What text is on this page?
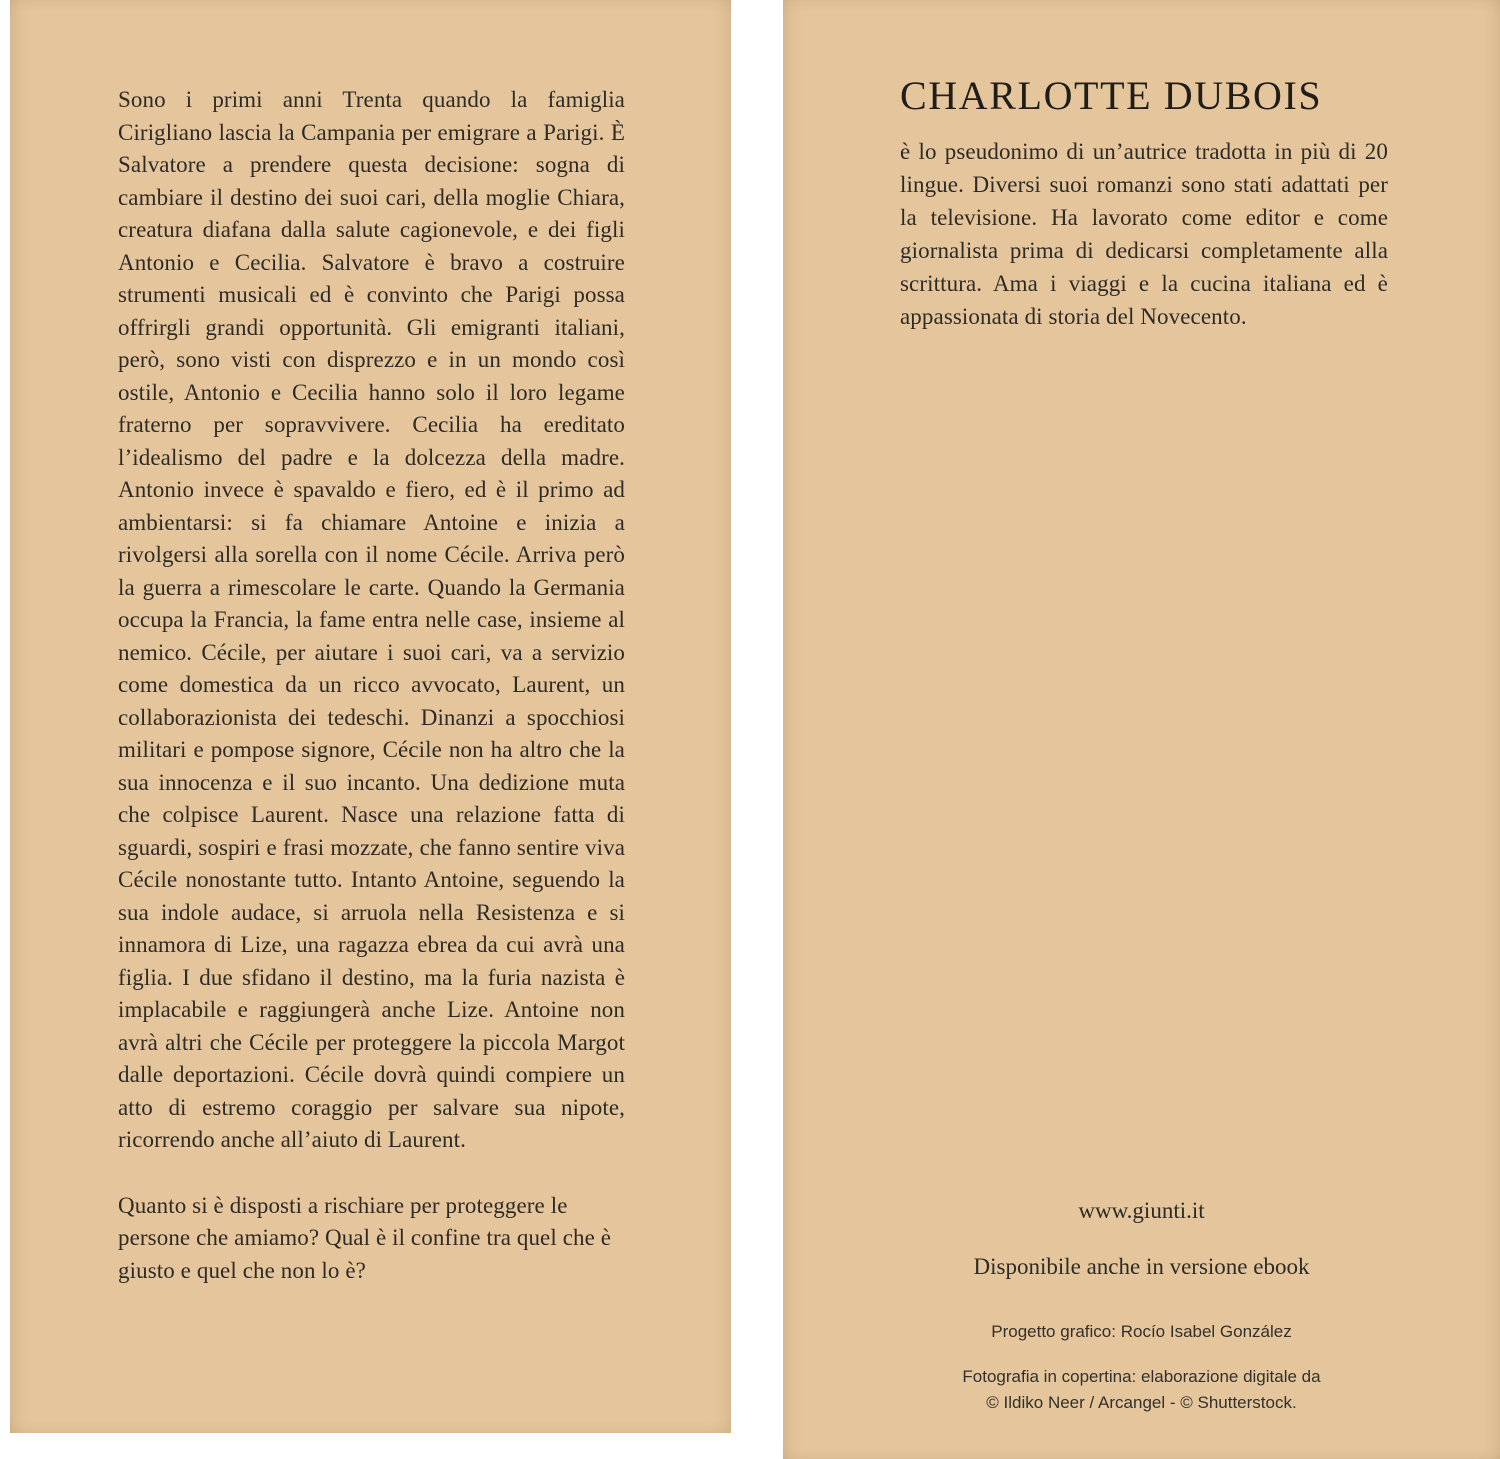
Sono i primi anni Trenta quando la famiglia Cirigliano lascia la Campania per emigrare a Parigi. È Salvatore a prendere questa decisione: sogna di cambiare il destino dei suoi cari, della moglie Chiara, creatura diafana dalla salute cagionevole, e dei figli Antonio e Cecilia. Salvatore è bravo a costruire strumenti musicali ed è convinto che Parigi possa offrirgli grandi opportunità. Gli emigranti italiani, però, sono visti con disprezzo e in un mondo così ostile, Antonio e Cecilia hanno solo il loro legame fraterno per sopravvivere. Cecilia ha ereditato l’idealismo del padre e la dolcezza della madre. Antonio invece è spavaldo e fiero, ed è il primo ad ambientarsi: si fa chiamare Antoine e inizia a rivolgersi alla sorella con il nome Cécile. Arriva però la guerra a rimescolare le carte. Quando la Germania occupa la Francia, la fame entra nelle case, insieme al nemico. Cécile, per aiutare i suoi cari, va a servizio come domestica da un ricco avvocato, Laurent, un collaborazionista dei tedeschi. Dinanzi a spocchiosi militari e pompose signore, Cécile non ha altro che la sua innocenza e il suo incanto. Una dedizione muta che colpisce Laurent. Nasce una relazione fatta di sguardi, sospiri e frasi mozzate, che fanno sentire viva Cécile nonostante tutto. Intanto Antoine, seguendo la sua indole audace, si arruola nella Resistenza e si innamora di Lize, una ragazza ebrea da cui avrà una figlia. I due sfidano il destino, ma la furia nazista è implacabile e raggiungerà anche Lize. Antoine non avrà altri che Cécile per proteggere la piccola Margot dalle deportazioni. Cécile dovrà quindi compiere un atto di estremo coraggio per salvare sua nipote, ricorrendo anche all’aiuto di Laurent.

Quanto si è disposti a rischiare per proteggere le persone che amiamo? Qual è il confine tra quel che è giusto e quel che non lo è?

CHARLOTTE DUBOIS

è lo pseudonimo di un’autrice tradotta in più di 20 lingue. Diversi suoi romanzi sono stati adattati per la televisione. Ha lavorato come editor e come giornalista prima di dedicarsi completamente alla scrittura. Ama i viaggi e la cucina italiana ed è appassionata di storia del Novecento.

www.giunti.it

Disponibile anche in versione ebook

Progetto grafico: Rocío Isabel González

Fotografia in copertina: elaborazione digitale da
© Ildiko Neer / Arcangel - © Shutterstock.
